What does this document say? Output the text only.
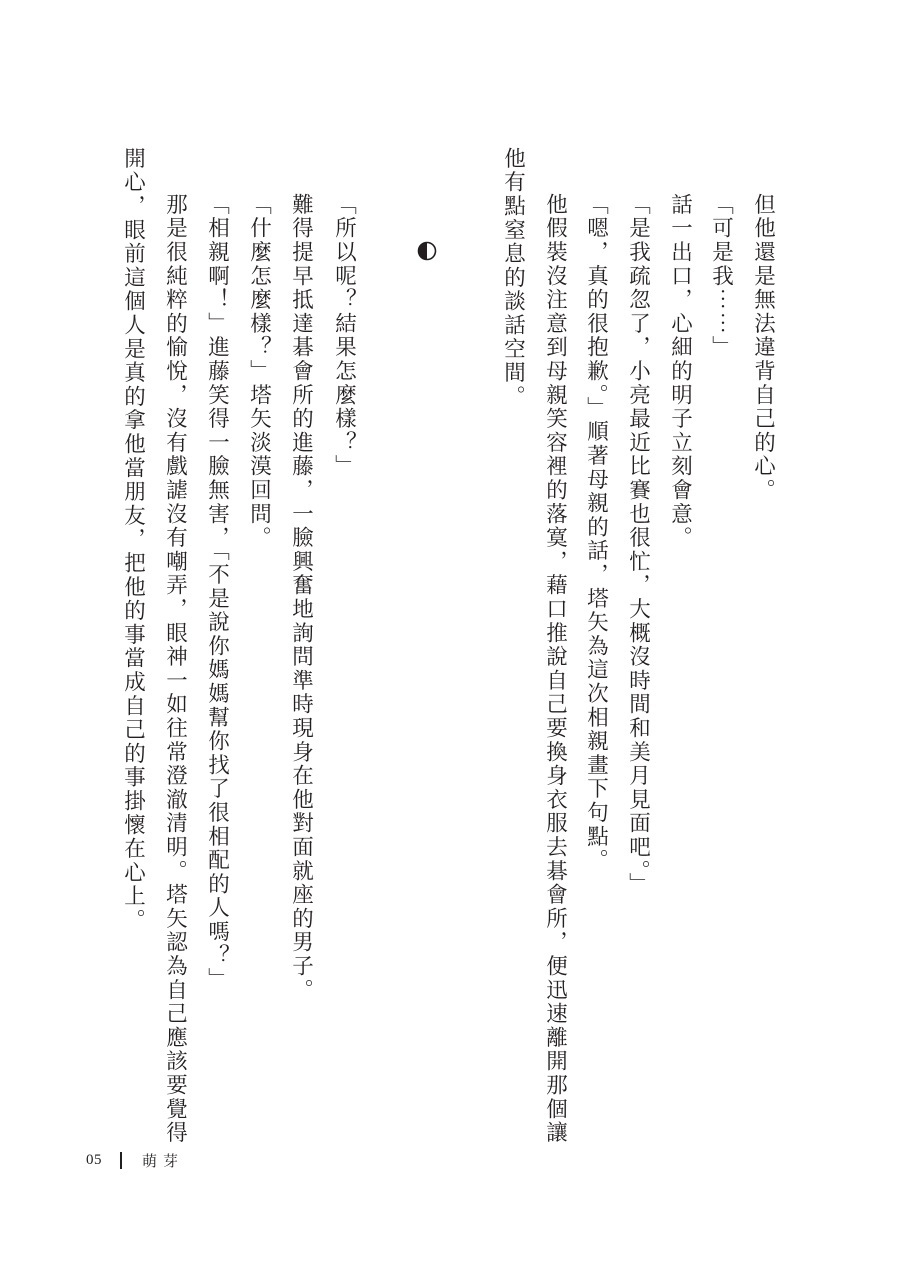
但他還是無法違背自己的心。
「可是我⋯⋯」
話一出口，心細的明子立刻會意。
「是我疏忽了，小亮最近比賽也很忙，大概沒時間和美月見面吧。」
「嗯，真的很抱歉。」順著母親的話，塔矢為這次相親畫下句點。
他假裝沒注意到母親笑容裡的落寞，藉口推說自己要換身衣服去碁會所，便迅速離開那個讓
他有點窒息的談話空間。
「所以呢？結果怎麼樣？」
難得提早抵達碁會所的進藤，一臉興奮地詢問準時現身在他對面就座的男子。
「什麼怎麼樣？」塔矢淡漠回問。
「相親啊！」進藤笑得一臉無害，「不是說你媽媽幫你找了很相配的人嗎？」
那是很純粹的愉悅，沒有戲謔沒有嘲弄，眼神一如往常澄澈清明。塔矢認為自己應該要覺得
開心，眼前這個人是真的拿他當朋友，把他的事當成自己的事掛懷在心上。
05	萌芽
